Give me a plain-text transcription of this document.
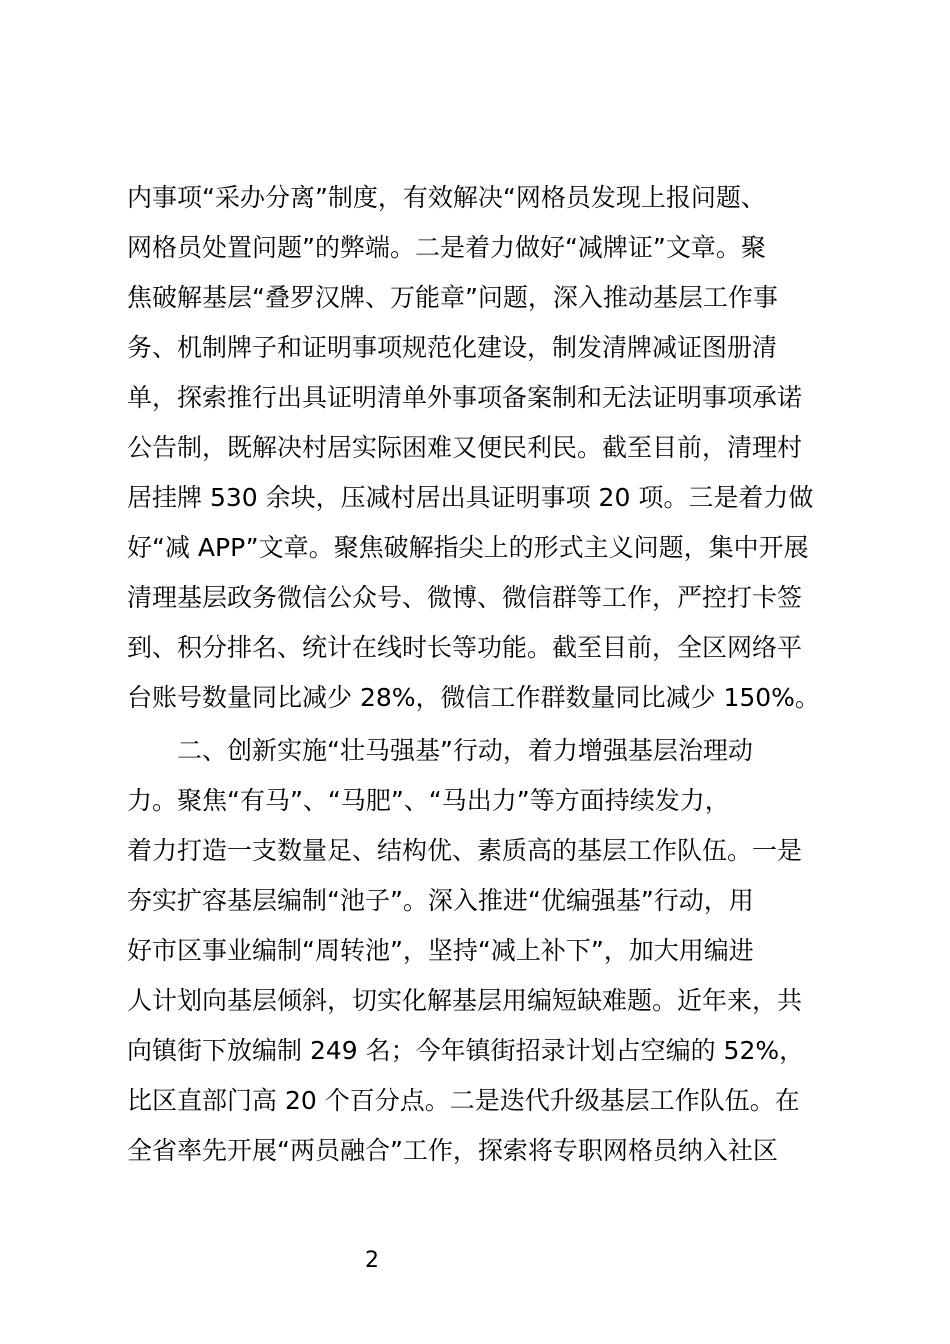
内事项“采办分离”制度，有效解决“网格员发现上报问题、
网格员处置问题”的弊端。二是着力做好“减牌证”文章。聚
焦破解基层“叠罗汉牌、万能章”问题，深入推动基层工作事
务、机制牌子和证明事项规范化建设，制发清牌减证图册清
单，探索推行出具证明清单外事项备案制和无法证明事项承诺
公告制，既解决村居实际困难又便民利民。截至目前，清理村
居挂牌 530 余块，压减村居出具证明事项 20 项。三是着力做
好“减 APP”文章。聚焦破解指尖上的形式主义问题，集中开展
清理基层政务微信公众号、微博、微信群等工作，严控打卡签
到、积分排名、统计在线时长等功能。截至目前，全区网络平
台账号数量同比减少 28%，微信工作群数量同比减少 150%。
二、创新实施“壮马强基”行动，着力增强基层治理动
力。聚焦“有马”、“马肥”、“马出力”等方面持续发力，
着力打造一支数量足、结构优、素质高的基层工作队伍。一是
夯实扩容基层编制“池子”。深入推进“优编强基”行动，用
好市区事业编制“周转池”，坚持“减上补下”，加大用编进
人计划向基层倾斜，切实化解基层用编短缺难题。近年来，共
向镇街下放编制 249 名；今年镇街招录计划占空编的 52%，
比区直部门高 20 个百分点。二是迭代升级基层工作队伍。在
全省率先开展“两员融合”工作，探索将专职网格员纳入社区
2
